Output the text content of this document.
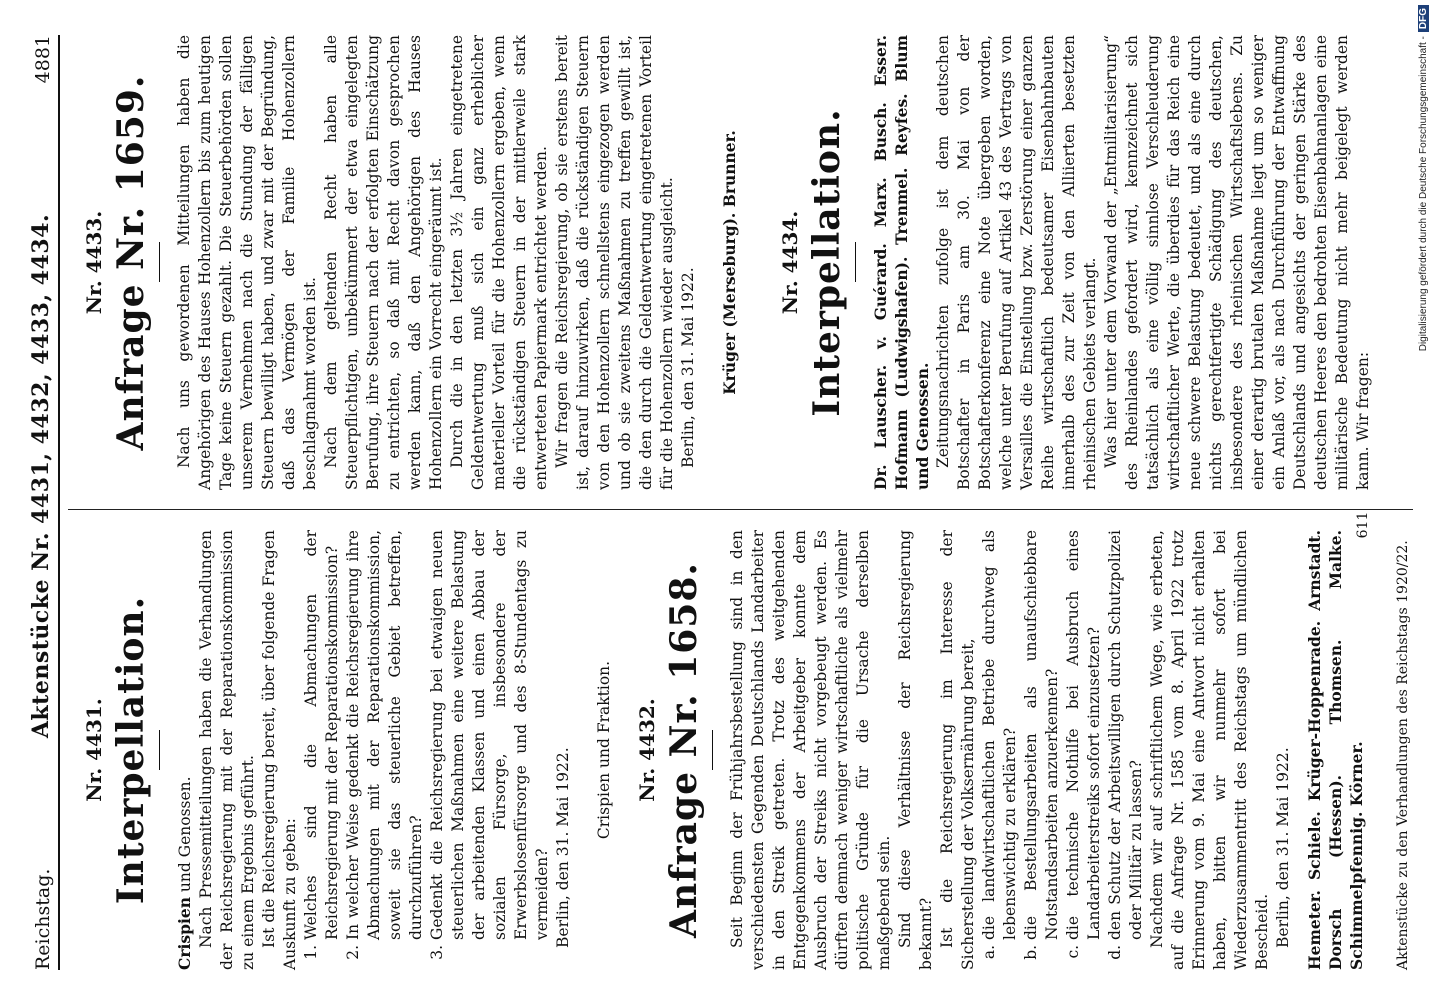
Reichstag.
Aktenstücke Nr. 4431, 4432, 4433, 4434.
4881
Nr. 4431. Interpellation.

Crispien und Genossen. Nach Pressemitteilungen haben die Verhandlungen der Reichsregierung mit der Reparationskommission zu einem Ergebnis geführt. Ist die Reichsregierung bereit, über folgende Fragen Auskunft zu geben: 1. Welches sind die Abmachungen der Reichsregierung mit der Reparationskommission? 2. In welcher Weise gedenkt die Reichsregierung ihre Abmachungen mit der Reparationskommission, soweit sie das steuerliche Gebiet betreffen, durchzuführen? 3. Gedenkt die Reichsregierung bei etwaigen neuen steuerlichen Maßnahmen eine weitere Belastung der arbeitenden Klassen und einen Abbau der sozialen Fürsorge, insbesondere der Erwerbslosenfürsorge und des 8-Stundentags zu vermeiden? Berlin, den 31. Mai 1922. Crispien und Fraktion. Nr. 4432. Anfrage Nr. 1658. Seit Beginn der Frühjahrsbestellung sind in den verschiedensten Gegenden Deutschlands Landarbeiter in den Streik getreten. Trotz des weitgehenden Entgegenkommens der Arbeitgeber konnte dem Ausbruch der Streiks nicht vorgebeugt werden. Es dürften demnach weniger wirtschaftliche als vielmehr politische Gründe für die Ursache derselben maßgebend sein. Sind diese Verhältnisse der Reichsregierung bekannt? Ist die Reichsregierung im Interesse der Sicherstellung der Volksernährung bereit, a. die landwirtschaftlichen Betriebe durchweg als lebenswichtig zu erklären? b. die Bestellungsarbeiten als unaufschiebbare Notstandsarbeiten anzuerkennen? c. die technische Nothilfe bei Ausbruch eines Landarbeiterstreiks sofort einzusetzen? d. den Schutz der Arbeitswilligen durch Schutzpolizei oder Militär zu lassen? Nachdem wir auf schriftlichem Wege, wie erbeten, auf die Anfrage Nr. 1585 vom 8. April 1922 trotz Erinnerung vom 9. Mai eine Antwort nicht erhalten haben, bitten wir nunmehr sofort bei Wiederzusammentritt des Reichstags um mündlichen Bescheid. Berlin, den 31. Mai 1922. Hemeter. Schiele. Krüger-Hoppenrade. Arnstadt. Dorsch (Hessen). Thomsen. Malke. Schimmelpfennig. Körner.

Nr. 4433. Anfrage Nr. 1659. Nach uns gewordenen Mitteilungen haben die Angehörigen des Hauses Hohenzollern bis zum heutigen Tage keine Steuern gezahlt. Die Steuerbehörden sollen unserem Vernehmen nach die Stundung der fälligen Steuern bewilligt haben, und zwar mit der Begründung, daß das Vermögen der Familie Hohenzollern beschlagnahmt worden ist. Nach dem geltenden Recht haben alle Steuerpflichtigen, unbekümmert der etwa eingelegten Berufung, ihre Steuern nach der erfolgten Einschätzung zu entrichten, so daß mit Recht davon gesprochen werden kann, daß den Angehörigen des Hauses Hohenzollern ein Vorrecht eingeräumt ist. Durch die in den letzten 3½ Jahren eingetretene Geldentwertung muß sich ein ganz erheblicher materieller Vorteil für die Hohenzollern ergeben, wenn die rückständigen Steuern in der mittlerweile stark entwerteten Papiermark entrichtet werden. Wir fragen die Reichsregierung, ob sie erstens bereit ist, darauf hinzuwirken, daß die rückständigen Steuern von den Hohenzollern schnellstens eingezogen werden und ob sie zweitens Maßnahmen zu treffen gewillt ist, die den durch die Geldentwertung eingetretenen Vorteil für die Hohenzollern wieder ausgleicht. Berlin, den 31. Mai 1922. Krüger (Merseburg). Brunner. Nr. 4434. Interpellation. Dr. Lauscher. v. Guérard. Marx. Busch. Esser. Hofmann (Ludwigshafen). Trenmel. Reyfes. Blum und Genossen. Zeitungsnachrichten zufolge ist dem deutschen Botschafter in Paris am 30. Mai von der Botschafterkonferenz eine Note übergeben worden, welche unter Berufung auf Artikel 43 des Vertrags von Versailles die Einstellung bzw. Zerstörung einer ganzen Reihe wirtschaftlich bedeutsamer Eisenbahnbauten innerhalb des zur Zeit von den Alliierten besetzten rheinischen Gebiets verlangt. Was hier unter dem Vorwand der „Entmilitarisierung“ des Rheinlandes gefordert wird, kennzeichnet sich tatsächlich als eine völlig sinnlose Verschleuderung wirtschaftlicher Werte, die überdies für das Reich eine neue schwere Belastung bedeutet, und als eine durch nichts gerechtfertigte Schädigung des deutschen, insbesondere des rheinischen Wirtschaftslebens. Zu einer derartig brutalen Maßnahme liegt um so weniger ein Anlaß vor, als nach Durchführung der Entwaffnung Deutschlands und angesichts der geringen Stärke des deutschen Heeres den bedrohten Eisenbahnanlagen eine militärische Bedeutung nicht mehr beigelegt werden kann. Wir fragen:

611
Aktenstücke zu den Verhandlungen des Reichstags 1920/22.
Digitalisierung gefördert durch die Deutsche Forschungsgemeinschaft -DFG
